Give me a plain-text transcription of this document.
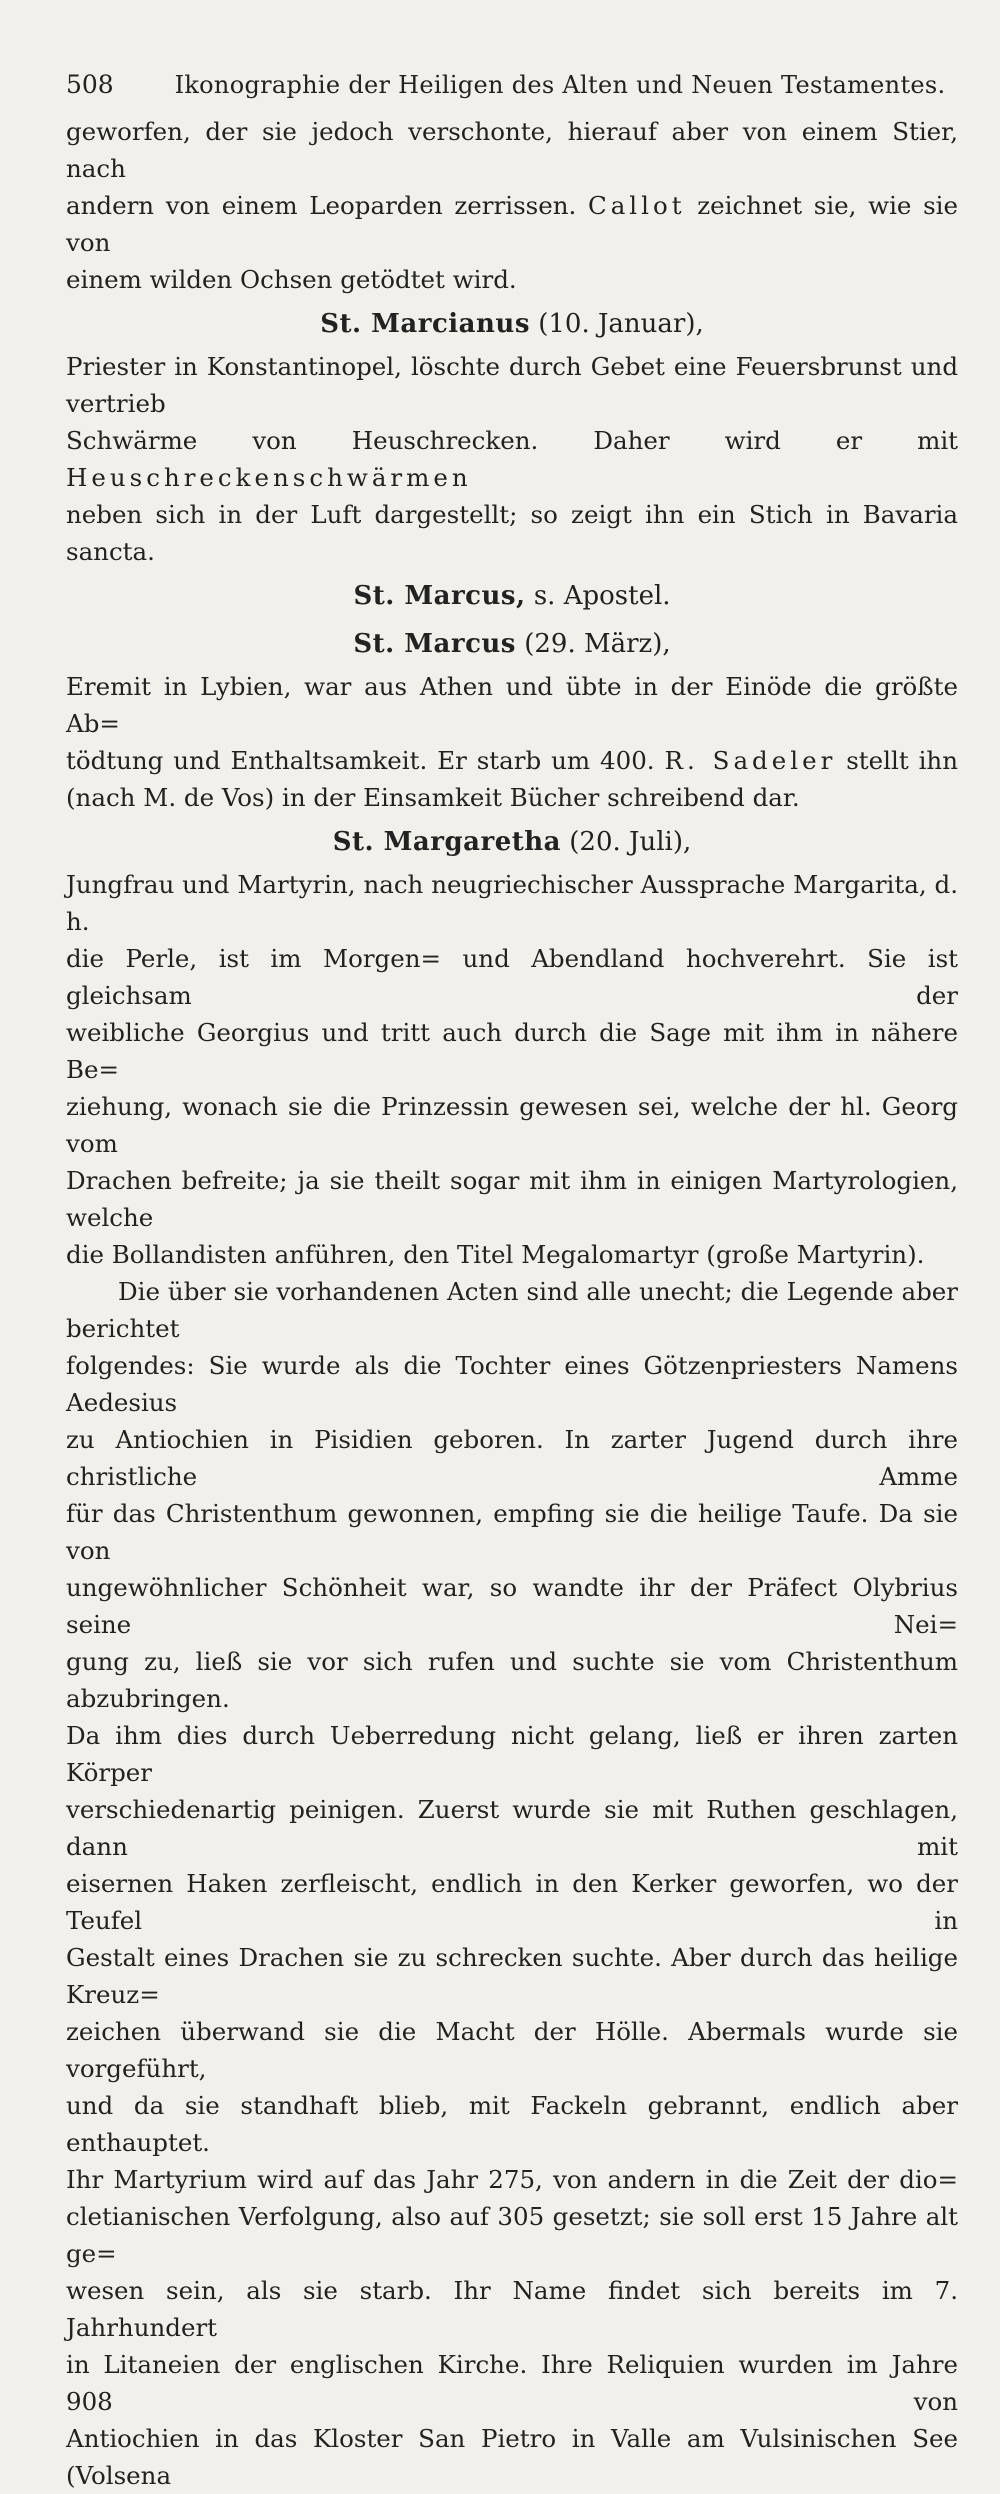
508	Ikonographie der Heiligen des Alten und Neuen Testamentes.

geworfen, der sie jedoch verschonte, hierauf aber von einem Stier, nach

andern von einem Leoparden zerrissen. Callot zeichnet sie, wie sie von

einem wilden Ochsen getödtet wird.

St. Marcianus (10. Januar),

Priester in Konstantinopel, löschte durch Gebet eine Feuersbrunst und vertrieb

Schwärme von Heuschrecken. Daher wird er mit Heuschreckenschwärmen

neben sich in der Luft dargestellt; so zeigt ihn ein Stich in Bavaria sancta.

St. Marcus, s. Apostel.
St. Marcus (29. März),

Eremit in Lybien, war aus Athen und übte in der Einöde die größte Ab=

tödtung und Enthaltsamkeit. Er starb um 400. R. Sadeler stellt ihn

(nach M. de Vos) in der Einsamkeit Bücher schreibend dar.

St. Margaretha (20. Juli),

Jungfrau und Martyrin, nach neugriechischer Aussprache Margarita, d. h.

die Perle, ist im Morgen= und Abendland hochverehrt. Sie ist gleichsam der

weibliche Georgius und tritt auch durch die Sage mit ihm in nähere Be=

ziehung, wonach sie die Prinzessin gewesen sei, welche der hl. Georg vom

Drachen befreite; ja sie theilt sogar mit ihm in einigen Martyrologien, welche

die Bollandisten anführen, den Titel Megalomartyr (große Martyrin).

Die über sie vorhandenen Acten sind alle unecht; die Legende aber berichtet

folgendes: Sie wurde als die Tochter eines Götzenpriesters Namens Aedesius

zu Antiochien in Pisidien geboren. In zarter Jugend durch ihre christliche Amme

für das Christenthum gewonnen, empfing sie die heilige Taufe. Da sie von

ungewöhnlicher Schönheit war, so wandte ihr der Präfect Olybrius seine Nei=

gung zu, ließ sie vor sich rufen und suchte sie vom Christenthum abzubringen.

Da ihm dies durch Ueberredung nicht gelang, ließ er ihren zarten Körper

verschiedenartig peinigen. Zuerst wurde sie mit Ruthen geschlagen, dann mit

eisernen Haken zerfleischt, endlich in den Kerker geworfen, wo der Teufel in

Gestalt eines Drachen sie zu schrecken suchte. Aber durch das heilige Kreuz=

zeichen überwand sie die Macht der Hölle. Abermals wurde sie vorgeführt,

und da sie standhaft blieb, mit Fackeln gebrannt, endlich aber enthauptet.

Ihr Martyrium wird auf das Jahr 275, von andern in die Zeit der dio=

cletianischen Verfolgung, also auf 305 gesetzt; sie soll erst 15 Jahre alt ge=

wesen sein, als sie starb. Ihr Name findet sich bereits im 7. Jahrhundert

in Litaneien der englischen Kirche. Ihre Reliquien wurden im Jahre 908 von

Antiochien in das Kloster San Pietro in Valle am Vulsinischen See (Volsena
